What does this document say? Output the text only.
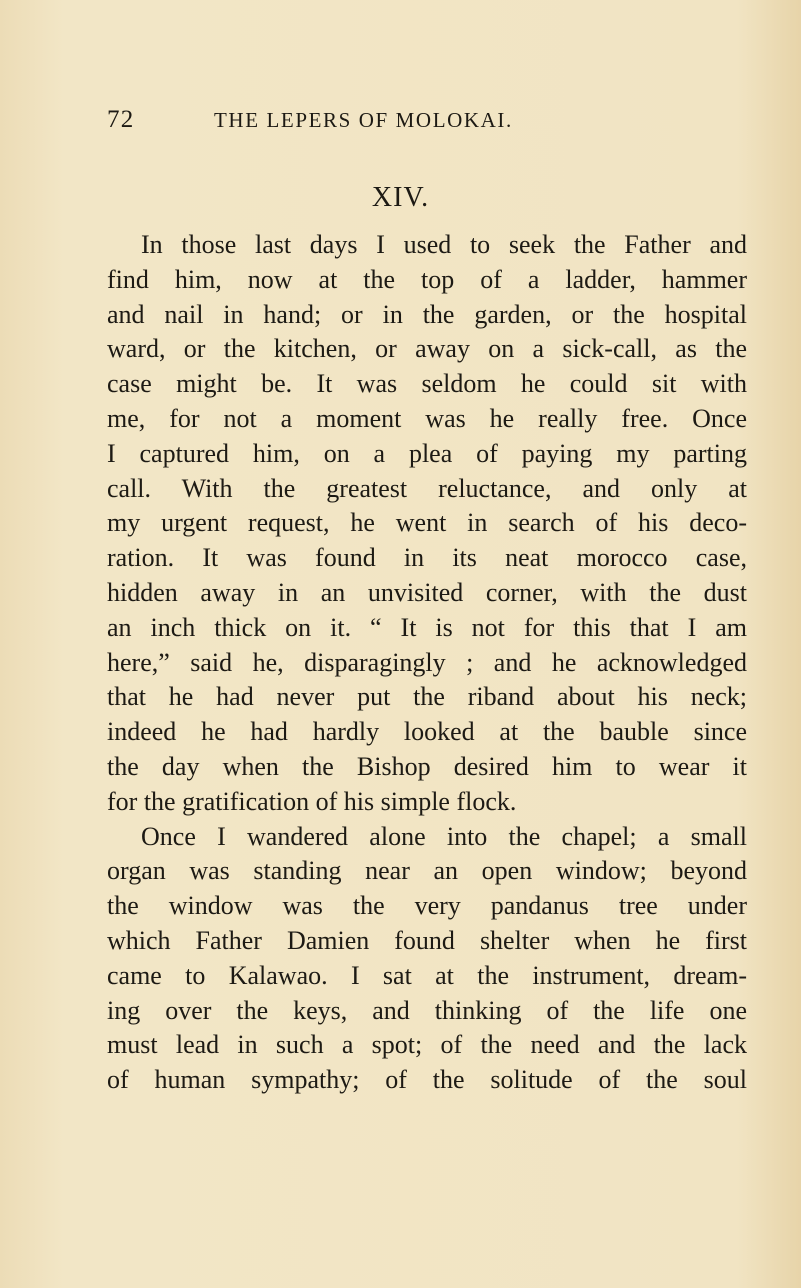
72	THE LEPERS OF MOLOKAI.
XIV.
In those last days I used to seek the Father and
find him, now at the top of a ladder, hammer
and nail in hand; or in the garden, or the hospital
ward, or the kitchen, or away on a sick-call, as the
case might be. It was seldom he could sit with
me, for not a moment was he really free. Once
I captured him, on a plea of paying my parting
call. With the greatest reluctance, and only at
my urgent request, he went in search of his deco-
ration. It was found in its neat morocco case,
hidden away in an unvisited corner, with the dust
an inch thick on it. “ It is not for this that I am
here,” said he, disparagingly ; and he acknowledged
that he had never put the riband about his neck;
indeed he had hardly looked at the bauble since
the day when the Bishop desired him to wear it
for the gratification of his simple flock.
Once I wandered alone into the chapel; a small
organ was standing near an open window; beyond
the window was the very pandanus tree under
which Father Damien found shelter when he first
came to Kalawao. I sat at the instrument, dream-
ing over the keys, and thinking of the life one
must lead in such a spot; of the need and the lack
of human sympathy; of the solitude of the soul
